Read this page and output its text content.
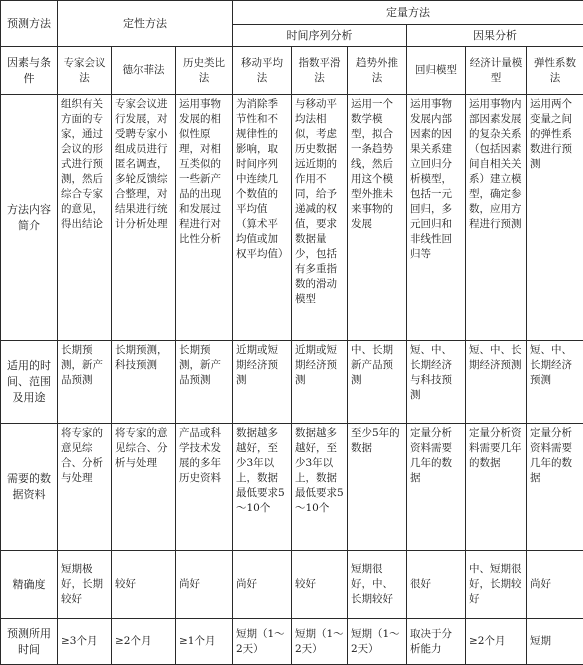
预测方法	定性方法			定量方法					
				时间序列分析			因果分析		
因素与条件	专家会议法	德尔菲法	历史类比法	移动平均法	指数平滑法	趋势外推法	回归模型	经济计量模型	弹性系数法
方法内容简介	组织有关方面的专家，通过会议的形式进行预测，然后综合专家的意见，得出结论	专家会议进行发展，对受聘专家小组成员进行匿名调查，多轮反馈综合整理，对结果进行统计分析处理	运用事物发展的相似性原理，对相互类似的一些新产品的出现和发展过程进行对比性分析	为消除季节性和不规律性的影响，取时间序列中连续几个数值的平均值（算术平均值或加权平均值）	与移动平均法相似，考虑历史数据远近期的作用不同，给予递减的权值，要求数据量少，包括有多重指数的滑动模型	运用一个数学模型，拟合一条趋势线，然后用这个模型外推未来事物的发展	运用事物发展内部因素的因果关系建立回归分析模型，包括一元回归，多元回归和非线性回归等	运用事物内部因素发展的复杂关系（包括因素间自相关关系）建立模型，确定参数，应用方程进行预测	运用两个变量之间的弹性系数进行预测
适用的时间、范围及用途	长期预测，新产品预测	长期预测，科技预测	长期预测，新产品预测	近期或短期经济预测	近期或短期经济预测	中、长期新产品预测	短、中、长期经济与科技预测	短、中、长期经济预测	短、中、长期经济预测
需要的数据资料	将专家的意见综合、分析与处理	将专家的意见综合、分析与处理	产品或科学技术发展的多年历史资料	数据越多越好，至少3年以上，数据最低要求5～10个	数据越多越好，至少3年以上，数据最低要求5～10个	至少5年的数据	定量分析资料需要几年的数据	定量分析资料需要几年的数据	定量分析资料需要几年的数据
精确度	短期极好，长期较好	较好	尚好	尚好	较好	短期很好，中、长期较好	很好	中、短期很好，长期较好	尚好
预测所用时间	≥3个月	≥2个月	≥1个月	短期（1～2天）	短期（1～2天）	短期（1～2天）	取决于分析能力	≥2个月	短期
